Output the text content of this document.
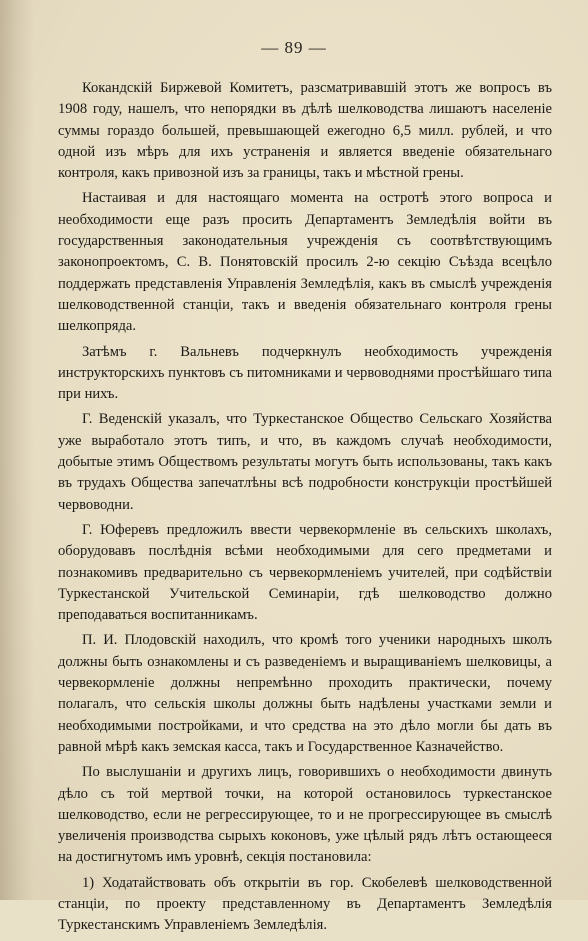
— 89 —

Кокандскій Биржевой Комитетъ, разсматривавшій этотъ же вопросъ въ 1908 году, нашелъ, что непорядки въ дѣлѣ шелководства лишаютъ населеніе суммы гораздо большей, превышающей ежегодно 6,5 милл. рублей, и что одной изъ мѣръ для ихъ устраненія и является введеніе обязательнаго контроля, какъ привозной изъ за границы, такъ и мѣстной грены.

Настаивая и для настоящаго момента на остротѣ этого вопроса и необходимости еще разъ просить Департаментъ Земледѣлія войти въ государственныя законодательныя учрежденія съ соотвѣтствующимъ законопроектомъ, С. В. Понятовскій просилъ 2-ю секцію Съѣзда всецѣло поддержать представленія Управленія Земледѣлія, какъ въ смыслѣ учрежденія шелководственной станціи, такъ и введенія обязательнаго контроля грены шелкопряда.

Затѣмъ г. Вальневъ подчеркнулъ необходимость учрежденія инструкторскихъ пунктовъ съ питомниками и червоводнями простѣйшаго типа при нихъ.

Г. Веденскій указалъ, что Туркестанское Общество Сельскаго Хозяйства уже выработало этотъ типъ, и что, въ каждомъ случаѣ необходимости, добытые этимъ Обществомъ результаты могутъ быть использованы, такъ какъ въ трудахъ Общества запечатлѣны всѣ подробности конструкціи простѣйшей червоводни.

Г. Юферевъ предложилъ ввести червекормленіе въ сельскихъ школахъ, оборудовавъ послѣднія всѣми необходимыми для сего предметами и познакомивъ предварительно съ червекормленіемъ учителей, при содѣйствіи Туркестанской Учительской Семинаріи, гдѣ шелководство должно преподаваться воспитанникамъ.

П. И. Плодовскій находилъ, что кромѣ того ученики народныхъ школъ должны быть ознакомлены и съ разведеніемъ и выращиваніемъ шелковицы, а червекормленіе должны непремѣнно проходить практически, почему полагалъ, что сельскія школы должны быть надѣлены участками земли и необходимыми постройками, и что средства на это дѣло могли бы дать въ равной мѣрѣ какъ земская касса, такъ и Государственное Казначейство.

По выслушаніи и другихъ лицъ, говорившихъ о необходимости двинуть дѣло съ той мертвой точки, на которой остановилось туркестанское шелководство, если не регрессирующее, то и не прогрессирующее въ смыслѣ увеличенія производства сырыхъ коконовъ, уже цѣлый рядъ лѣтъ остающееся на достигнутомъ имъ уровнѣ, секція постановила:

1) Ходатайствовать объ открытіи въ гор. Скобелевѣ шелководственной станціи, по проекту представленному въ Департаментъ Земледѣлія Туркестанскимъ Управленіемъ Земледѣлія.
